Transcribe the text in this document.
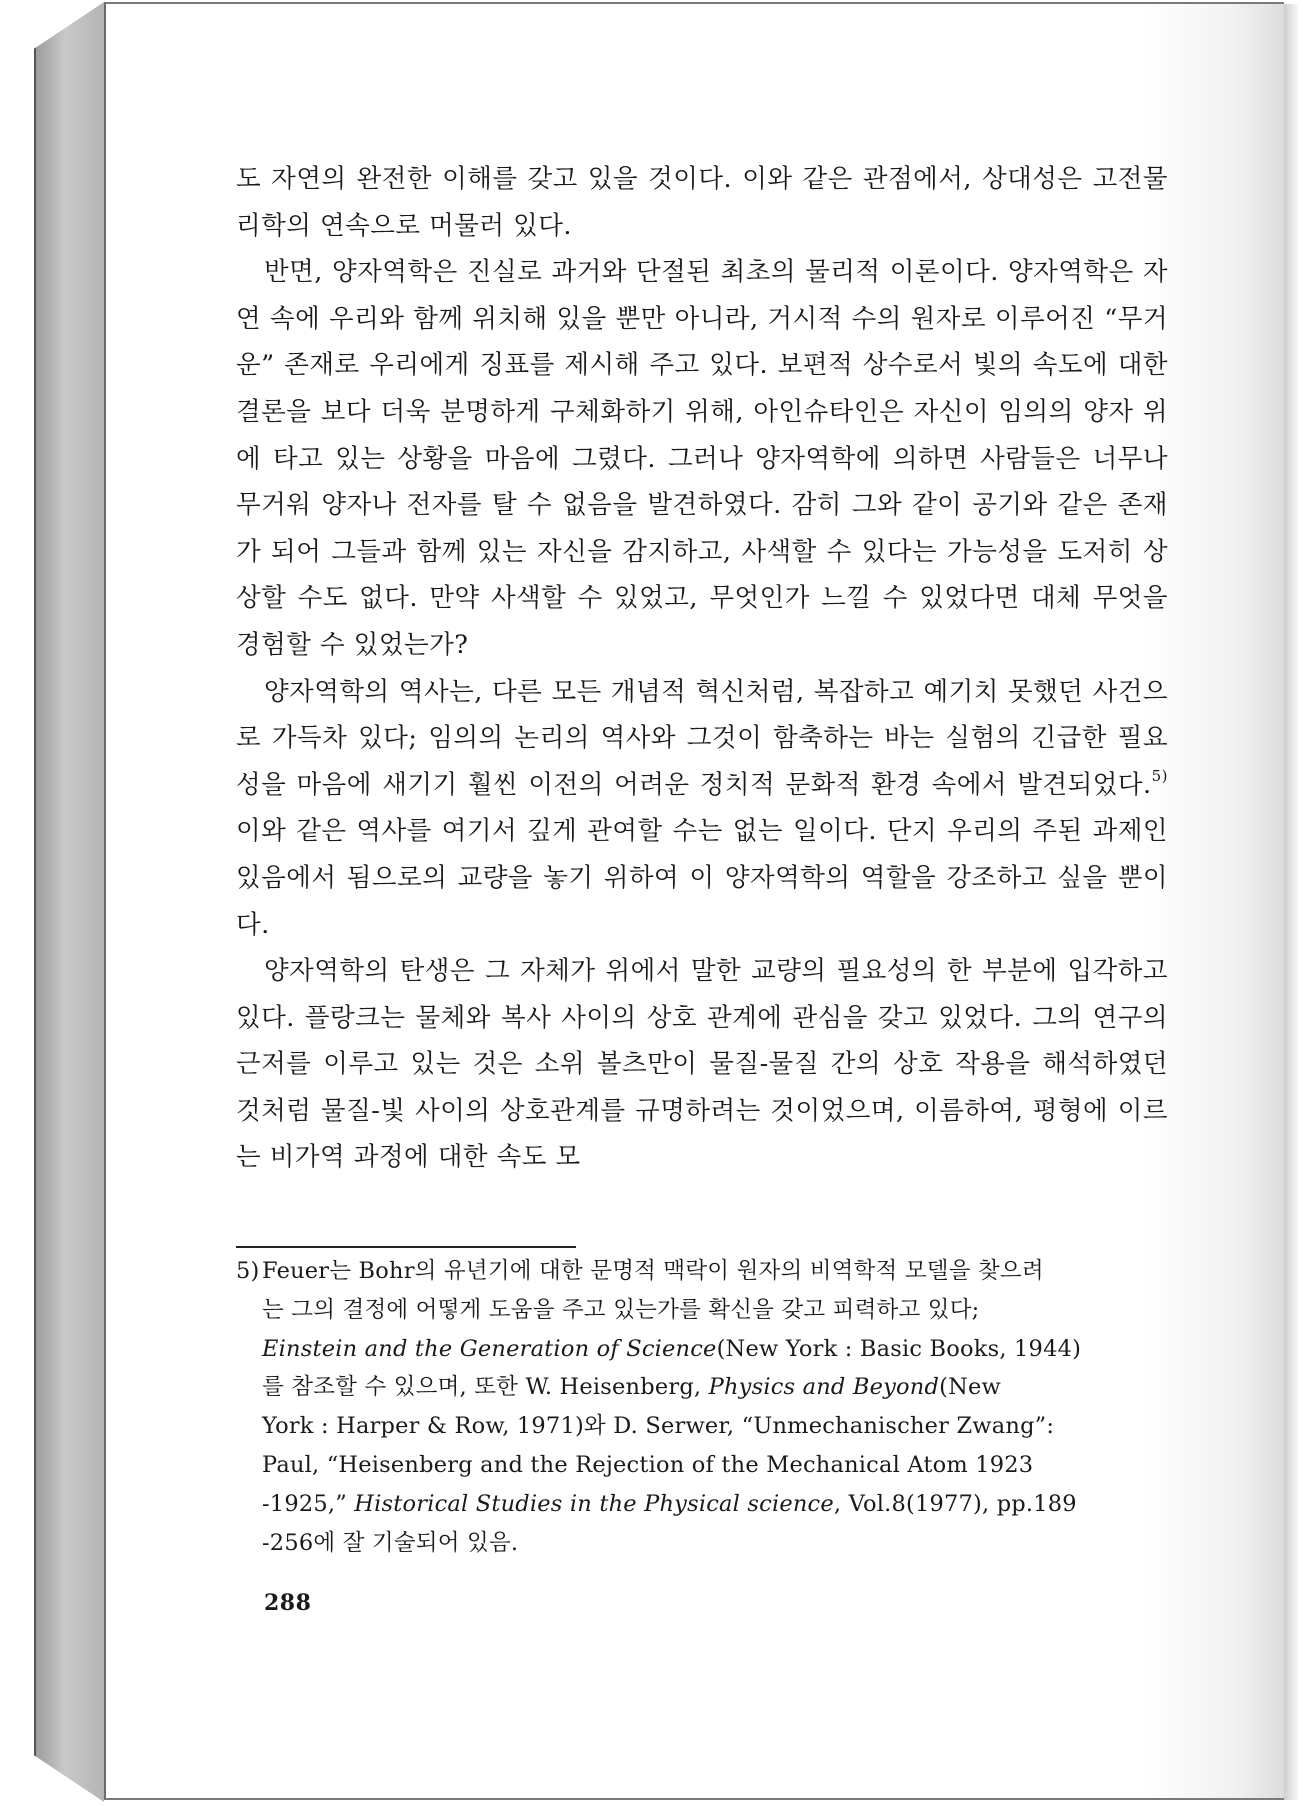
도 자연의 완전한 이해를 갖고 있을 것이다. 이와 같은 관점에서, 상대성은 고전물리학의 연속으로 머물러 있다.

반면, 양자역학은 진실로 과거와 단절된 최초의 물리적 이론이다. 양자역학은 자연 속에 우리와 함께 위치해 있을 뿐만 아니라, 거시적 수의 원자로 이루어진 “무거운” 존재로 우리에게 징표를 제시해 주고 있다. 보편적 상수로서 빛의 속도에 대한 결론을 보다 더욱 분명하게 구체화하기 위해, 아인슈타인은 자신이 임의의 양자 위에 타고 있는 상황을 마음에 그렸다. 그러나 양자역학에 의하면 사람들은 너무나 무거워 양자나 전자를 탈 수 없음을 발견하였다. 감히 그와 같이 공기와 같은 존재가 되어 그들과 함께 있는 자신을 감지하고, 사색할 수 있다는 가능성을 도저히 상상할 수도 없다. 만약 사색할 수 있었고, 무엇인가 느낄 수 있었다면 대체 무엇을 경험할 수 있었는가?

양자역학의 역사는, 다른 모든 개념적 혁신처럼, 복잡하고 예기치 못했던 사건으로 가득차 있다; 임의의 논리의 역사와 그것이 함축하는 바는 실험의 긴급한 필요성을 마음에 새기기 훨씬 이전의 어려운 정치적 문화적 환경 속에서 발견되었다.$^{5)}$ 이와 같은 역사를 여기서 깊게 관여할 수는 없는 일이다. 단지 우리의 주된 과제인 있음에서 됨으로의 교량을 놓기 위하여 이 양자역학의 역할을 강조하고 싶을 뿐이다.

양자역학의 탄생은 그 자체가 위에서 말한 교량의 필요성의 한 부분에 입각하고 있다. 플랑크는 물체와 복사 사이의 상호 관계에 관심을 갖고 있었다. 그의 연구의 근저를 이루고 있는 것은 소위 볼츠만이 물질-물질 간의 상호 작용을 해석하였던 것처럼 물질-빛 사이의 상호관계를 규명하려는 것이었으며, 이름하여, 평형에 이르는 비가역 과정에 대한 속도 모

5) Feuer는 Bohr의 유년기에 대한 문명적 맥락이 원자의 비역학적 모델을 찾으려
는 그의 결정에 어떻게 도움을 주고 있는가를 확신을 갖고 피력하고 있다;
Einstein and the Generation of Science(New York : Basic Books, 1944)
를 참조할 수 있으며, 또한 W. Heisenberg, Physics and Beyond(New
York : Harper & Row, 1971)와 D. Serwer, “Unmechanischer Zwang”:
Paul, “Heisenberg and the Rejection of the Mechanical Atom 1923
-1925,” Historical Studies in the Physical science, Vol.8(1977), pp.189
-256에 잘 기술되어 있음.
288
